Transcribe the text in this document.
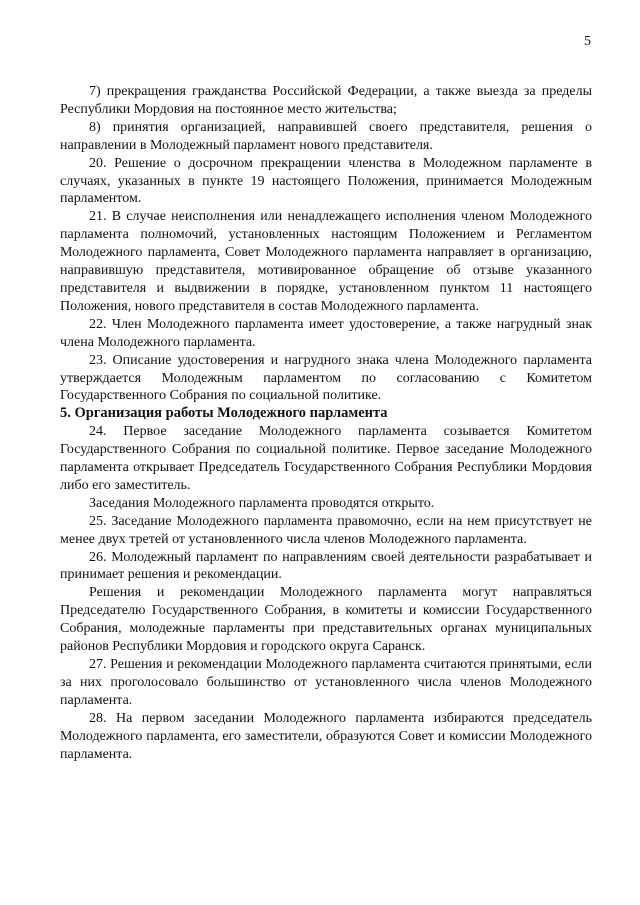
5

7) прекращения гражданства Российской Федерации, а также выезда за пределы Республики Мордовия на постоянное место жительства;

8) принятия организацией, направившей своего представителя, решения о направлении в Молодежный парламент нового представителя.

20. Решение о досрочном прекращении членства в Молодежном парламенте в случаях, указанных в пункте 19 настоящего Положения, принимается Молодежным парламентом.

21. В случае неисполнения или ненадлежащего исполнения членом Молодежного парламента полномочий, установленных настоящим Положением и Регламентом Молодежного парламента, Совет Молодежного парламента направляет в организацию, направившую представителя, мотивированное обращение об отзыве указанного представителя и выдвижении в порядке, установленном пунктом 11 настоящего Положения, нового представителя в состав Молодежного парламента.

22. Член Молодежного парламента имеет удостоверение, а также нагрудный знак члена Молодежного парламента.

23. Описание удостоверения и нагрудного знака члена Молодежного парламента утверждается Молодежным парламентом по согласованию с Комитетом Государственного Собрания по социальной политике.

5. Организация работы Молодежного парламента

24. Первое заседание Молодежного парламента созывается Комитетом Государственного Собрания по социальной политике. Первое заседание Молодежного парламента открывает Председатель Государственного Собрания Республики Мордовия либо его заместитель.

Заседания Молодежного парламента проводятся открыто.

25. Заседание Молодежного парламента правомочно, если на нем присутствует не менее двух третей от установленного числа членов Молодежного парламента.

26. Молодежный парламент по направлениям своей деятельности разрабатывает и принимает решения и рекомендации.

Решения и рекомендации Молодежного парламента могут направляться Председателю Государственного Собрания, в комитеты и комиссии Государственного Собрания, молодежные парламенты при представительных органах муниципальных районов Республики Мордовия и городского округа Саранск.

27. Решения и рекомендации Молодежного парламента считаются принятыми, если за них проголосовало большинство от установленного числа членов Молодежного парламента.

28. На первом заседании Молодежного парламента избираются председатель Молодежного парламента, его заместители, образуются Совет и комиссии Молодежного парламента.
